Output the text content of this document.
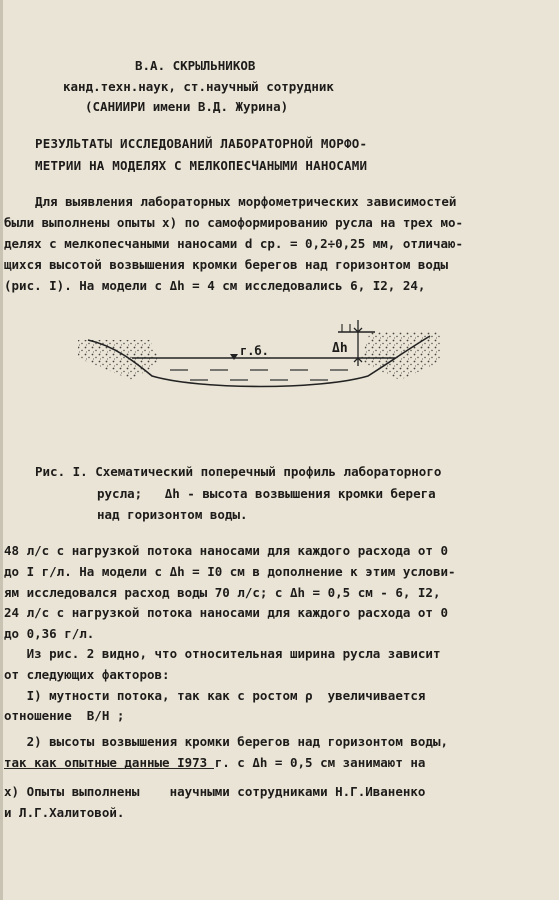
В.А. СКРЫЛЬНИКОВ
канд.техн.наук, ст.научный сотрудник
(САНИИРИ имени В.Д. Журина)
РЕЗУЛЬТАТЫ ИССЛЕДОВАНИЙ ЛАБОРАТОРНОЙ МОРФО-
МЕТРИИ НА МОДЕЛЯХ С МЕЛКОПЕСЧАНЫМИ НАНОСАМИ
Для выявления лабораторных морфометрических зависимостей
были выполнены опыты x) по самоформированию русла на трех мо-
делях с мелкопесчаными наносами d ср. = 0,2÷0,25 мм, отличаю-
щихся высотой возвышения кромки берегов над горизонтом воды
(рис. I). На модели с Δh = 4 см исследовались 6, I2, 24,
г.б.	Δh
Рис. I. Схематический поперечный профиль лабораторного
русла;   Δh - высота возвышения кромки берега
над горизонтом воды.
48 л/с с нагрузкой потока наносами для каждого расхода от 0
до I г/л. На модели с Δh = I0 см в дополнение к этим услови-
ям исследовался расход воды 70 л/с; с Δh = 0,5 см - 6, I2,
24 л/с с нагрузкой потока наносами для каждого расхода от 0
до 0,36 г/л.
Из рис. 2 видно, что относительная ширина русла зависит
от следующих факторов:
I) мутности потока, так как с ростом ρ  увеличивается
отношение  B/H ;
2) высоты возвышения кромки берегов над горизонтом воды,
так как опытные данные I973 г. с Δh = 0,5 см занимают на
x) Опыты выполнены    научными сотрудниками Н.Г.Иваненко
и Л.Г.Халитовой.
